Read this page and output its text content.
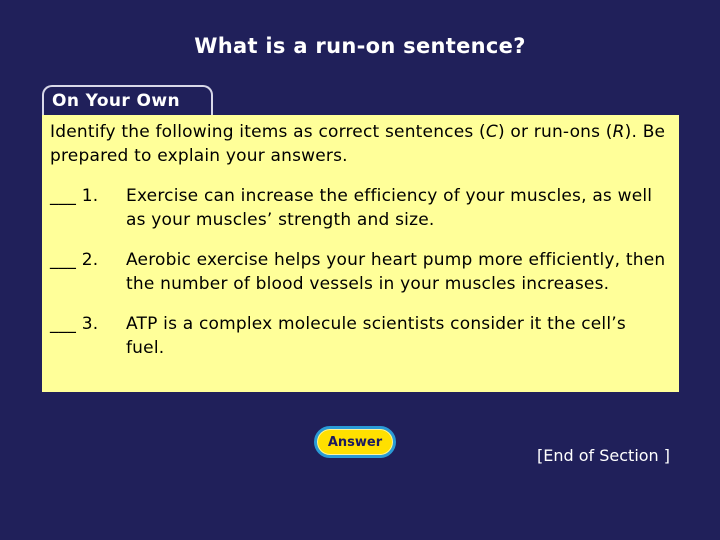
What is a run-on sentence?
On Your Own

Identify the following items as correct sentences (C) or run-ons (R). Be prepared to explain your answers.

___ 1. Exercise can increase the efficiency of your muscles, as well as your muscles’ strength and size.
___ 2. Aerobic exercise helps your heart pump more efficiently, then the number of blood vessels in your muscles increases.
___ 3. ATP is a complex molecule scientists consider it the cell’s fuel.
Answer
[End of Section ]
